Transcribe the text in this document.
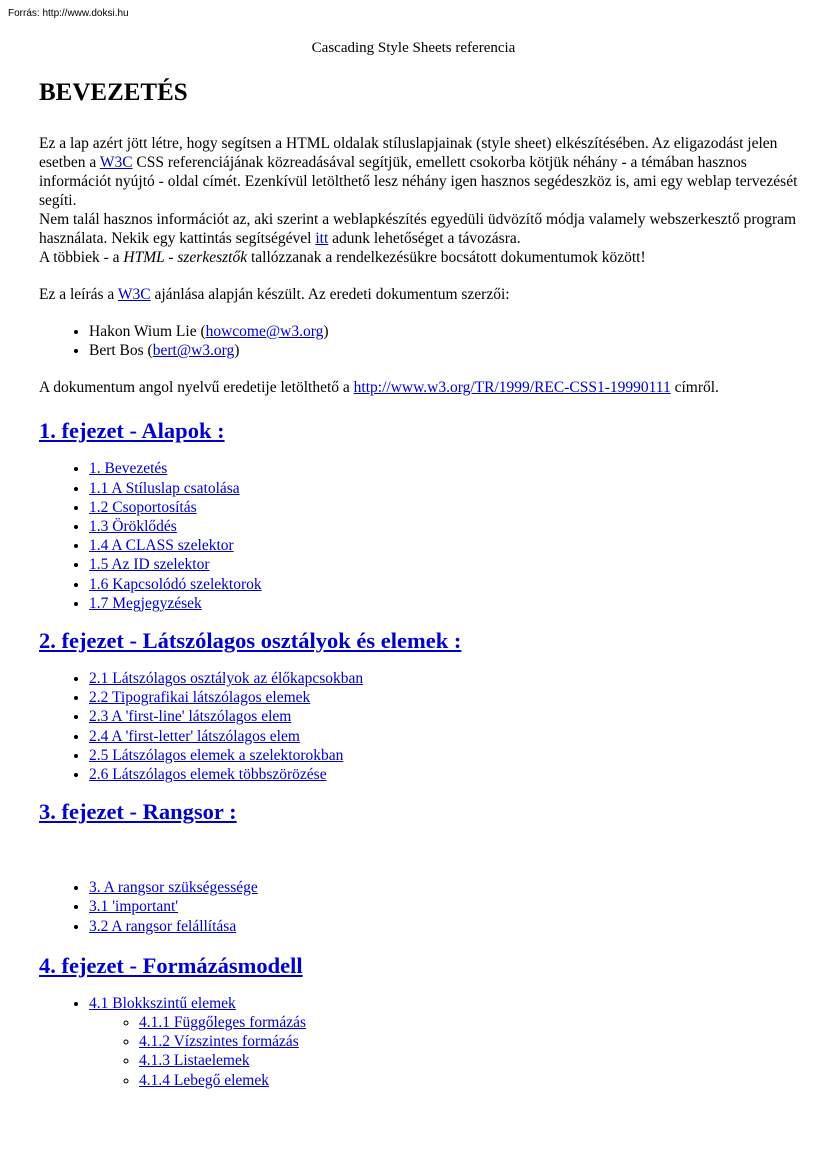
Forrás: http://www.doksi.hu
Cascading Style Sheets referencia
BEVEZETÉS

Ez a lap azért jött létre, hogy segítsen a HTML oldalak stíluslapjainak (style sheet) elkészítésében. Az eligazodást jelen esetben a W3C CSS referenciájának közreadásával segítjük, emellett csokorba kötjük néhány - a témában hasznos információt nyújtó - oldal címét. Ezenkívül letölthető lesz néhány igen hasznos segédeszköz is, ami egy weblap tervezését segíti.

Nem talál hasznos információt az, aki szerint a weblapkészítés egyedüli üdvözítő módja valamely webszerkesztő program használata. Nekik egy kattintás segítségével itt adunk lehetőséget a távozásra.

A többiek - a HTML - szerkesztők tallózzanak a rendelkezésükre bocsátott dokumentumok között!

Ez a leírás a W3C ajánlása alapján készült. Az eredeti dokumentum szerzői:

• Hakon Wium Lie (howcome@w3.org)
• Bert Bos (bert@w3.org)

A dokumentum angol nyelvű eredetije letölthető a http://www.w3.org/TR/1999/REC-CSS1-19990111 címről.

1. fejezet - Alapok :
• 1. Bevezetés
• 1.1 A Stíluslap csatolása
• 1.2 Csoportosítás
• 1.3 Öröklődés
• 1.4 A CLASS szelektor
• 1.5 Az ID szelektor
• 1.6 Kapcsolódó szelektorok
• 1.7 Megjegyzések
2. fejezet - Látszólagos osztályok és elemek :
• 2.1 Látszólagos osztályok az élőkapcsokban
• 2.2 Tipografikai látszólagos elemek
• 2.3 A 'first-line' látszólagos elem
• 2.4 A 'first-letter' látszólagos elem
• 2.5 Látszólagos elemek a szelektorokban
• 2.6 Látszólagos elemek többszörözése
3. fejezet - Rangsor :
• 3. A rangsor szükségessége
• 3.1 'important'
• 3.2 A rangsor felállítása
4. fejezet - Formázásmodell
• 4.1 Blokkszintű elemek
◦ 4.1.1 Függőleges formázás
◦ 4.1.2 Vízszintes formázás
◦ 4.1.3 Listaelemek
◦ 4.1.4 Lebegő elemek
